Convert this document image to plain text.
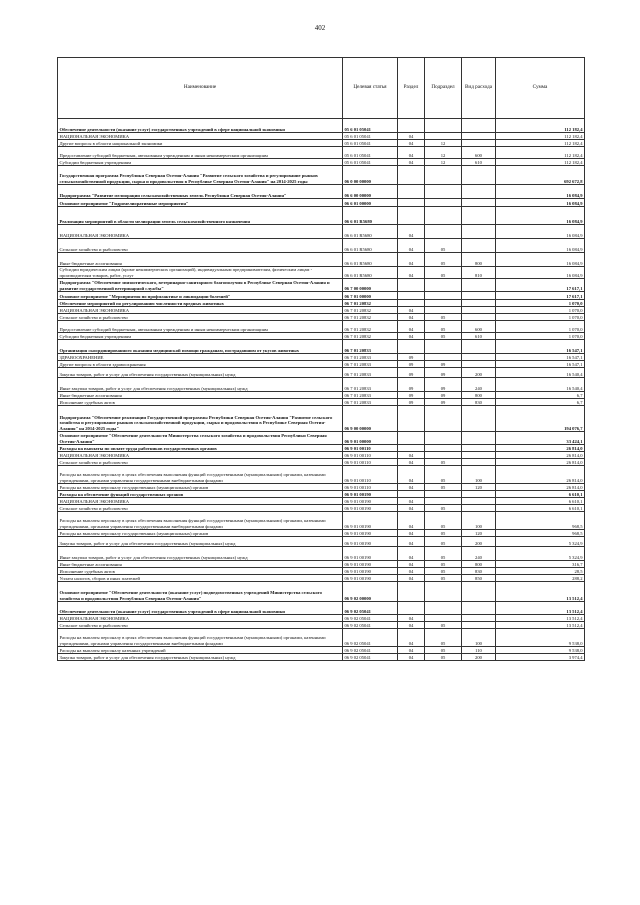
402
Наименование	Целевая статья	Раздел	Подраздел	Вид расхода	Сумма
Обеспечение деятельности (оказание услуг) государственных учреждений в сфере национальной экономики	05 6 01 05041				112 182,4
НАЦИОНАЛЬНАЯ ЭКОНОМИКА	05 6 01 05041	04			112 182,4
Другие вопросы в области национальной экономики	05 6 01 05041	04	12		112 182,4
Предоставление субсидий бюджетным, автономным учреждениям и иным некоммерческим организациям	05 6 01 05041	04	12	600	112 182,4
Субсидии бюджетным учреждениям	05 6 01 05041	04	12	610	112 182,4
Государственная программа Республики Северная Осетия-Алания "Развитие сельского хозяйства и регулирование рынков сельскохозяйственной продукции, сырья и продовольствия в Республике Северная Осетия-Алания" на 2014-2025 годы	06 0 00 00000				692 672,8
Подпрограмма "Развитие мелиорации сельскохозяйственных земель Республики Северная Осетия-Алания"	06 6 00 00000				16 084,9
Основное мероприятие "Гидромелиоративные мероприятия"	06 6 01 00000				16 084,9
Реализация мероприятий в области мелиорации земель сельскохозяйственного назначения	06 6 01 R5680				16 084,9
НАЦИОНАЛЬНАЯ ЭКОНОМИКА	06 6 01 R5680	04			16 084,9
Сельское хозяйство и рыболовство	06 6 01 R5680	04	05		16 084,9
Иные бюджетные ассигнования	06 6 01 R5680	04	05	800	16 084,9
Субсидии юридическим лицам (кроме некоммерческих организаций), индивидуальным предпринимателям, физическим лицам - производителям товаров, работ, услуг	06 6 01 R5680	04	05	810	16 084,9
Подпрограмма "Обеспечение эпизоотического, ветеринарно-санитарного благополучия в Республике Северная Осетия-Алания и развитие государственной ветеринарной службы"	06 7 00 00000				17 617,1
Основное мероприятие "Мероприятия по профилактике и ликвидации болезней"	06 7 01 00000				17 617,1
Обеспечение мероприятий по регулированию численности вредных животных	06 7 01 20832				1 070,0
НАЦИОНАЛЬНАЯ ЭКОНОМИКА	06 7 01 20832	04			1 070,0
Сельское хозяйство и рыболовство	06 7 01 20832	04	05		1 070,0
Предоставление субсидий бюджетным, автономным учреждениям и иным некоммерческим организациям	06 7 01 20832	04	05	600	1 070,0
Субсидии бюджетным учреждениям	06 7 01 20832	04	05	610	1 070,0
Организация скоординированного оказания медицинской помощи гражданам, пострадавшим от укусов животных	06 7 01 20833				16 547,1
ЗДРАВООХРАНЕНИЕ	06 7 01 20833	09			16 547,1
Другие вопросы в области здравоохранения	06 7 01 20833	09	09		16 547,1
Закупка товаров, работ и услуг для обеспечения государственных (муниципальных) нужд	06 7 01 20833	09	09	200	16 540,4
Иные закупки товаров, работ и услуг для обеспечения государственных (муниципальных) нужд	06 7 01 20833	09	09	240	16 540,4
Иные бюджетные ассигнования	06 7 01 20833	09	09	800	6,7
Исполнение судебных актов	06 7 01 20833	09	09	830	6,7
Подпрограмма "Обеспечение реализации Государственной программы Республики Северная Осетия-Алания "Развитие сельского хозяйства и регулирование рынков сельскохозяйственной продукции, сырья и продовольствия в Республике Северная Осетия-Алания" на 2014-2025 годы"	06 9 00 00000				194 076,7
Основное мероприятие "Обеспечение деятельности Министерства сельского хозяйства и продовольствия Республики Северная Осетия-Алания"	06 9 01 00000				33 424,1
Расходы на выплаты по оплате труда работников государственных органов	06 9 01 00110				26 814,0
НАЦИОНАЛЬНАЯ ЭКОНОМИКА	06 9 01 00110	04			26 814,0
Сельское хозяйство и рыболовство	06 9 01 00110	04	05		26 814,0
Расходы на выплаты персоналу в целях обеспечения выполнения функций государственными (муниципальными) органами, казенными учреждениями, органами управления государственными внебюджетными фондами	06 9 01 00110	04	05	100	26 814,0
Расходы на выплаты персоналу государственных (муниципальных) органов	06 9 01 00110	04	05	120	26 814,0
Расходы на обеспечение функций государственных органов	06 9 01 00190				6 610,1
НАЦИОНАЛЬНАЯ ЭКОНОМИКА	06 9 01 00190	04			6 610,1
Сельское хозяйство и рыболовство	06 9 01 00190	04	05		6 610,1
Расходы на выплаты персоналу в целях обеспечения выполнения функций государственными (муниципальными) органами, казенными учреждениями, органами управления государственными внебюджетными фондами	06 9 01 00190	04	05	100	968,5
Расходы на выплаты персоналу государственных (муниципальных) органов	06 9 01 00190	04	05	120	968,5
Закупка товаров, работ и услуг для обеспечения государственных (муниципальных) нужд	06 9 01 00190	04	05	200	5 324,9
Иные закупки товаров, работ и услуг для обеспечения государственных (муниципальных) нужд	06 9 01 00190	04	05	240	5 324,9
Иные бюджетные ассигнования	06 9 01 00190	04	05	800	316,7
Исполнение судебных актов	06 9 01 00190	04	05	830	28,5
Уплата налогов, сборов и иных платежей	06 9 01 00190	04	05	850	288,2
Основное мероприятие "Обеспечение деятельности (оказание услуг) подведомственных учреждений Министерства сельского хозяйства и продовольствия Республики Северная Осетия-Алания"	06 9 02 00000				13 512,4
Обеспечение деятельности (оказание услуг) государственных учреждений в сфере национальной экономики	06 9 02 05041				13 512,4
НАЦИОНАЛЬНАЯ ЭКОНОМИКА	06 9 02 05041	04			13 512,4
Сельское хозяйство и рыболовство	06 9 02 05041	04	05		13 512,4
Расходы на выплаты персоналу в целях обеспечения выполнения функций государственными (муниципальными) органами, казенными учреждениями, органами управления государственными внебюджетными фондами	06 9 02 05041	04	05	100	9 538,0
Расходы на выплаты персоналу казенных учреждений	06 9 02 05041	04	05	110	9 538,0
Закупка товаров, работ и услуг для обеспечения государственных (муниципальных) нужд	06 9 02 05041	04	05	200	3 974,4
